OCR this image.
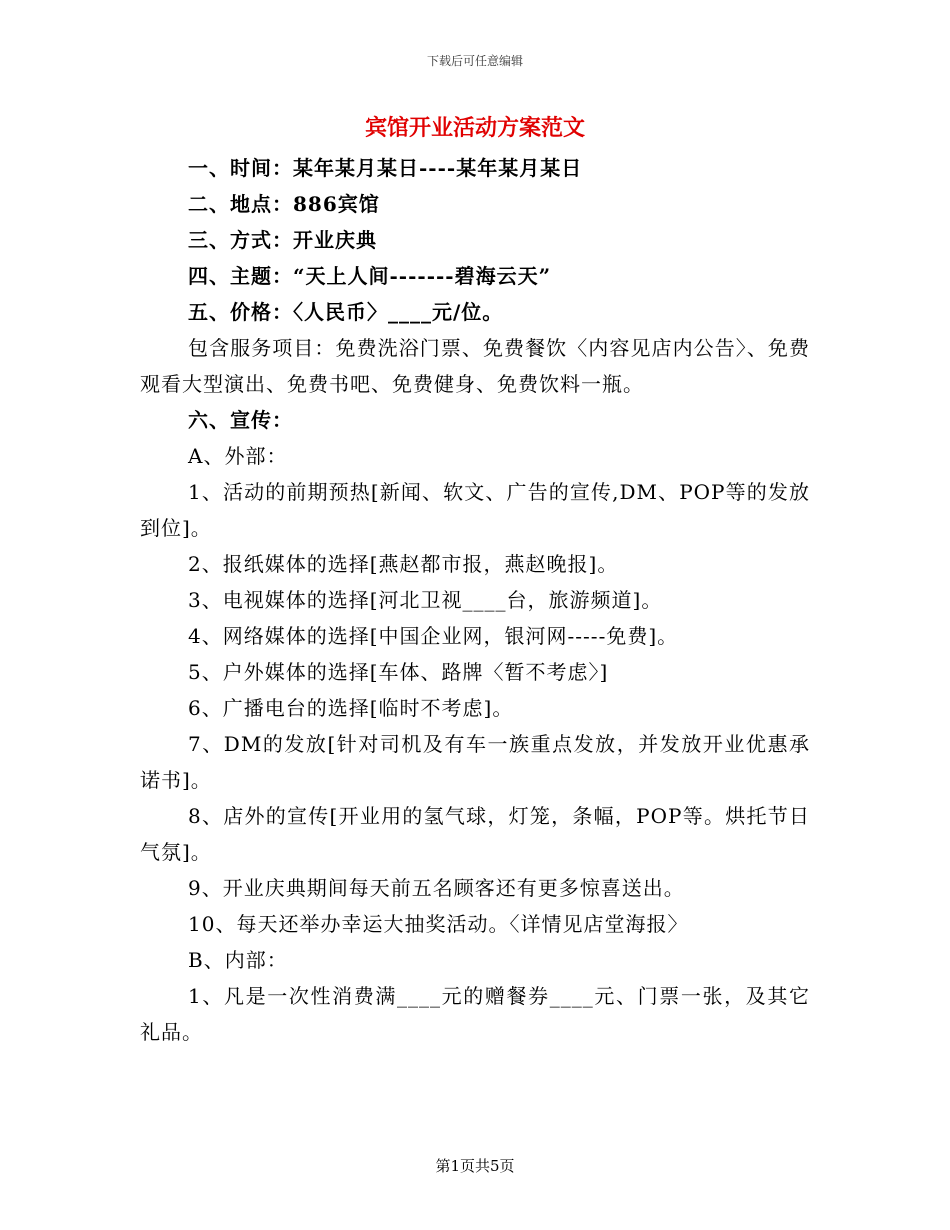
下载后可任意编辑
宾馆开业活动方案范文

一、时间：某年某月某日----某年某月某日

二、地点：886宾馆

三、方式：开业庆典

四、主题：“天上人间-------碧海云天”

五、价格：〈人民币〉____元/位。

包含服务项目：免费洗浴门票、免费餐饮〈内容见店内公告〉、免费观看大型演出、免费书吧、免费健身、免费饮料一瓶。

六、宣传：

A、外部：

1、活动的前期预热[新闻、软文、广告的宣传,DM、POP等的发放到位]。

2、报纸媒体的选择[燕赵都市报，燕赵晚报]。

3、电视媒体的选择[河北卫视____台，旅游频道]。

4、网络媒体的选择[中国企业网，银河网-----免费]。

5、户外媒体的选择[车体、路牌〈暂不考虑〉]

6、广播电台的选择[临时不考虑]。

7、DM的发放[针对司机及有车一族重点发放，并发放开业优惠承诺书]。

8、店外的宣传[开业用的氢气球，灯笼，条幅，POP等。烘托节日气氛]。

9、开业庆典期间每天前五名顾客还有更多惊喜送出。

10、每天还举办幸运大抽奖活动。〈详情见店堂海报〉

B、内部：

1、凡是一次性消费满____元的赠餐券____元、门票一张，及其它礼品。

第1页共5页
